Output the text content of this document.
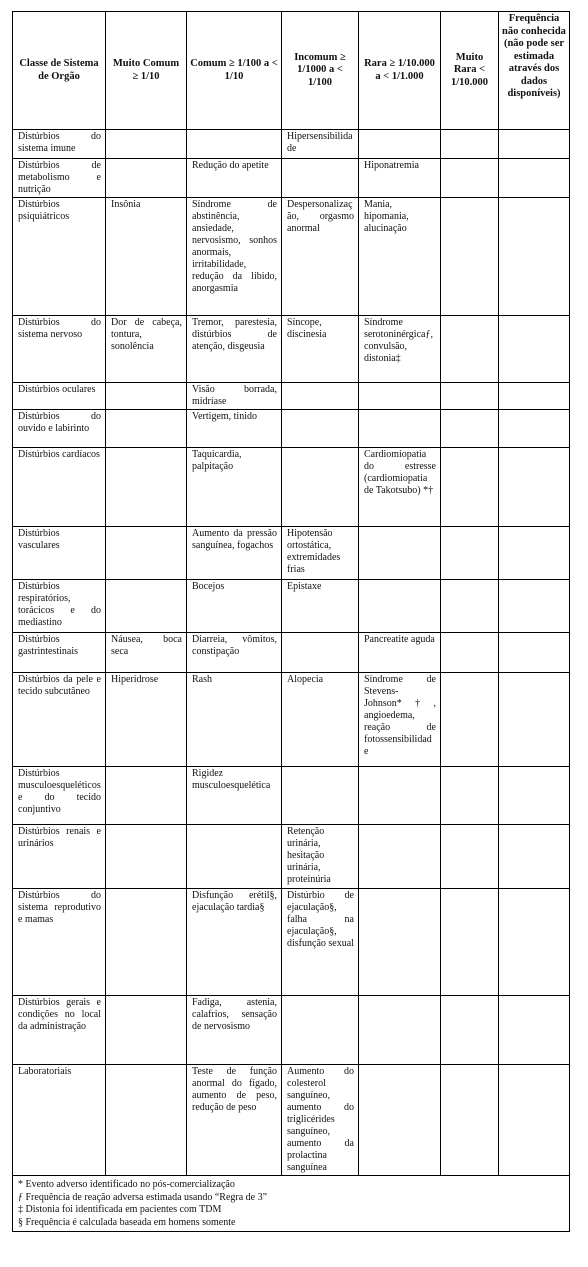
Classe de Sistema de Orgão	Muito Comum ≥ 1/10	Comum ≥ 1/100 a < 1/10	Incomum ≥ 1/1000 a < 1/100	Rara ≥ 1/10.000 a < 1/1.000	Muito Rara < 1/10.000	Frequência não conhecida (não pode ser estimada através dos dados disponíveis)
Distúrbios do sistema imune			Hipersensibilidade			
Distúrbios de metabolismo e nutrição		Redução do apetite		Hiponatremia		
Distúrbios psiquiátricos	Insônia	Síndrome de abstinência, ansiedade, nervosismo, sonhos anormais, irritabilidade, redução da libido, anorgasmia	Despersonalização, orgasmo anormal	Mania, hipomania, alucinação		
Distúrbios do sistema nervoso	Dor de cabeça, tontura, sonolência	Tremor, parestesia, distúrbios de atenção, disgeusia	Síncope, discinesia	Síndrome serotoninérgicaƒ, convulsão, distonia‡		
Distúrbios oculares		Visão borrada, midríase				
Distúrbios do ouvido e labirinto		Vertigem, tinido				
Distúrbios cardíacos		Taquicardia, palpitação		Cardiomiopatia do estresse (cardiomiopatia de Takotsubo) *†		
Distúrbios vasculares		Aumento da pressão sanguínea, fogachos	Hipotensão ortostática, extremidades frias			
Distúrbios respiratórios, torácicos e do mediastino		Bocejos	Epistaxe			
Distúrbios gastrintestinais	Náusea, boca seca	Diarreia, vômitos, constipação		Pancreatite aguda		
Distúrbios da pele e tecido subcutâneo	Hiperidrose	Rash	Alopecia	Síndrome de Stevens-Johnson*†, angioedema, reação de fotossensibilidade		
Distúrbios musculoesqueléticos e do tecido conjuntivo		Rigidez musculoesquelética				
Distúrbios renais e urinários			Retenção urinária, hesitação urinária, proteinúria			
Distúrbios do sistema reprodutivo e mamas		Disfunção erétil§, ejaculação tardia§	Distúrbio de ejaculação§, falha na ejaculação§, disfunção sexual			
Distúrbios gerais e condições no local da administração		Fadiga, astenia, calafrios, sensação de nervosismo				
Laboratoriais		Teste de função anormal do fígado, aumento de peso, redução de peso	Aumento do colesterol sanguíneo, aumento do triglicérides sanguíneo, aumento da prolactina sanguínea			

* Evento adverso identificado no pós-comercialização
ƒ Frequência de reação adversa estimada usando “Regra de 3”
‡ Distonia foi identificada em pacientes com TDM
§ Frequência é calculada baseada em homens somente						
